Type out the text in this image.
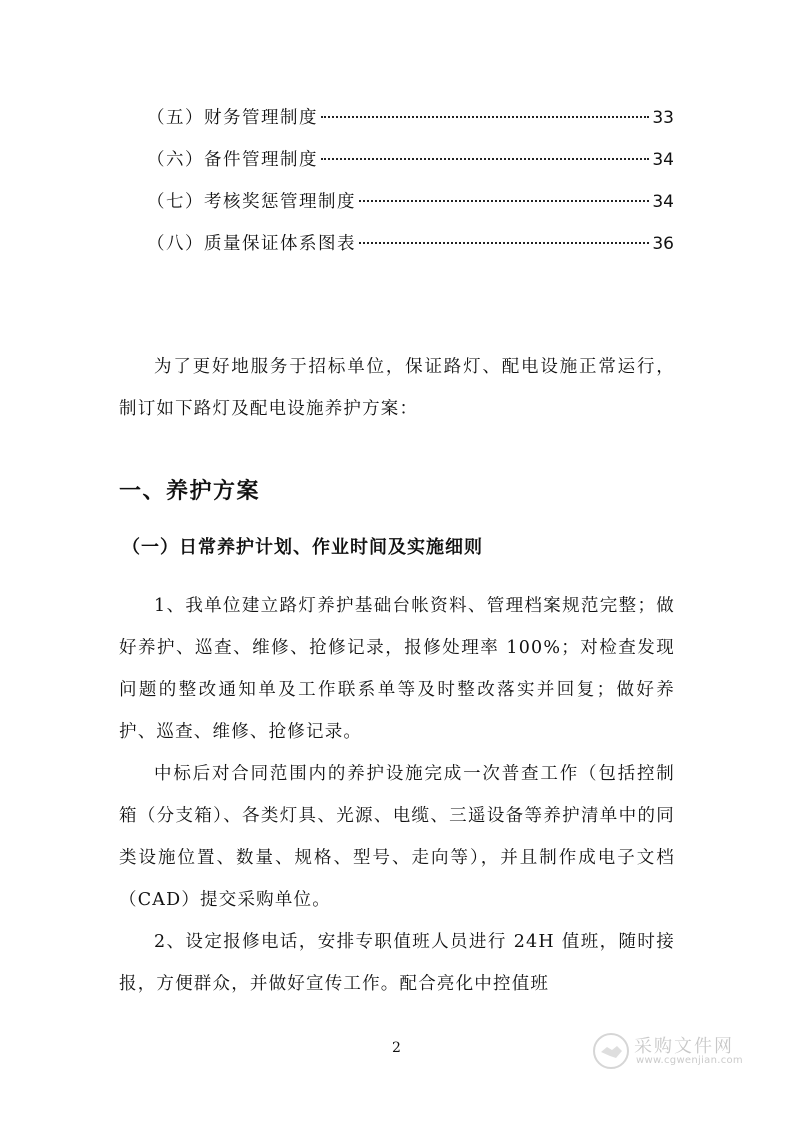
（五）财务管理制度	33
（六）备件管理制度	34
（七）考核奖惩管理制度	34
（八）质量保证体系图表	36

为了更好地服务于招标单位，保证路灯、配电设施正常运行，制订如下路灯及配电设施养护方案：

一、养护方案
（一）日常养护计划、作业时间及实施细则

1、我单位建立路灯养护基础台帐资料、管理档案规范完整；做好养护、巡查、维修、抢修记录，报修处理率 100%；对检查发现问题的整改通知单及工作联系单等及时整改落实并回复；做好养护、巡查、维修、抢修记录。

中标后对合同范围内的养护设施完成一次普查工作（包括控制箱（分支箱）、各类灯具、光源、电缆、三遥设备等养护清单中的同类设施位置、数量、规格、型号、走向等），并且制作成电子文档（CAD）提交采购单位。

2、设定报修电话，安排专职值班人员进行 24H 值班，随时接报，方便群众，并做好宣传工作。配合亮化中控值班

2	采购文件网
www.cgwenjian.com
